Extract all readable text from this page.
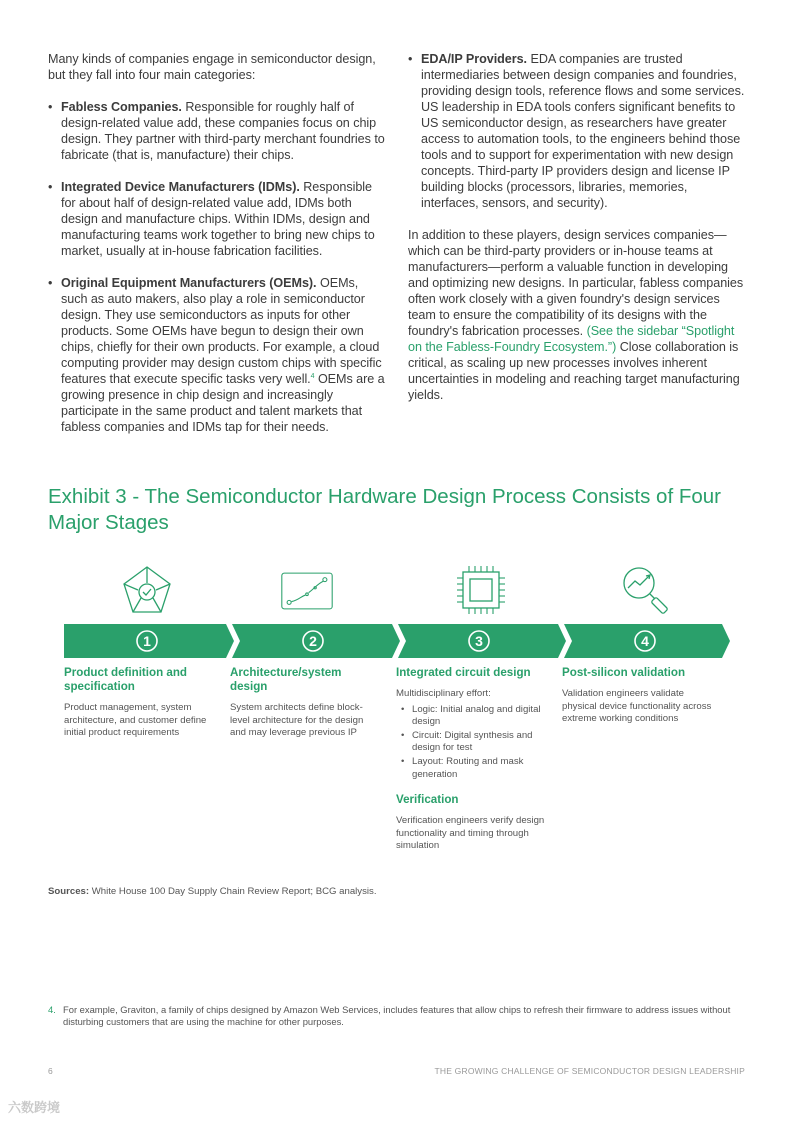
Many kinds of companies engage in semiconductor design, but they fall into four main categories:

• Fabless Companies. Responsible for roughly half of design-related value add, these companies focus on chip design. They partner with third-party merchant foundries to fabricate (that is, manufacture) their chips.

• Integrated Device Manufacturers (IDMs). Responsible for about half of design-related value add, IDMs both design and manufacture chips. Within IDMs, design and manufacturing teams work together to bring new chips to market, usually at in-house fabrication facilities.

• Original Equipment Manufacturers (OEMs). OEMs, such as auto makers, also play a role in semiconductor design. They use semiconductors as inputs for other products. Some OEMs have begun to design their own chips, chiefly for their own products. For example, a cloud computing provider may design custom chips with specific features that execute specific tasks very well.$^4$ OEMs are a growing presence in chip design and increasingly participate in the same product and talent markets that fabless companies and IDMs tap for their needs.

• EDA/IP Providers. EDA companies are trusted intermediaries between design companies and foundries, providing design tools, reference flows and some services. US leadership in EDA tools confers significant benefits to US semiconductor design, as researchers have greater access to automation tools, to the engineers behind those tools and to support for experimentation with new design concepts. Third-party IP providers design and license IP building blocks (processors, libraries, memories, interfaces, sensors, and security).

In addition to these players, design services companies—which can be third-party providers or in-house teams at manufacturers—perform a valuable function in developing and optimizing new designs. In particular, fabless companies often work closely with a given foundry's design services team to ensure the compatibility of its designs with the foundry's fabrication processes. (See the sidebar “Spotlight on the Fabless-Foundry Ecosystem.”) Close collaboration is critical, as scaling up new processes involves inherent uncertainties in modeling and reaching target manufacturing yields.

Exhibit 3 - The Semiconductor Hardware Design Process Consists of Four Major Stages
1	2	3	4
Product definition and specification

Product management, system architecture, and customer define initial product requirements

Architecture/system design

System architects define block-level architecture for the design and may leverage previous IP

Integrated circuit design

Multidisciplinary effort:

• Logic: Initial analog and digital design
• Circuit: Digital synthesis and design for test
• Layout: Routing and mask generation
Verification

Verification engineers verify design functionality and timing through simulation

Post-silicon validation

Validation engineers validate physical device functionality across extreme working conditions

Sources: White House 100 Day Supply Chain Review Report; BCG analysis.
4. For example, Graviton, a family of chips designed by Amazon Web Services, includes features that allow chips to refresh their firmware to address issues without disturbing customers that are using the machine for other purposes.
6	THE GROWING CHALLENGE OF SEMICONDUCTOR DESIGN LEADERSHIP
六数跨境
